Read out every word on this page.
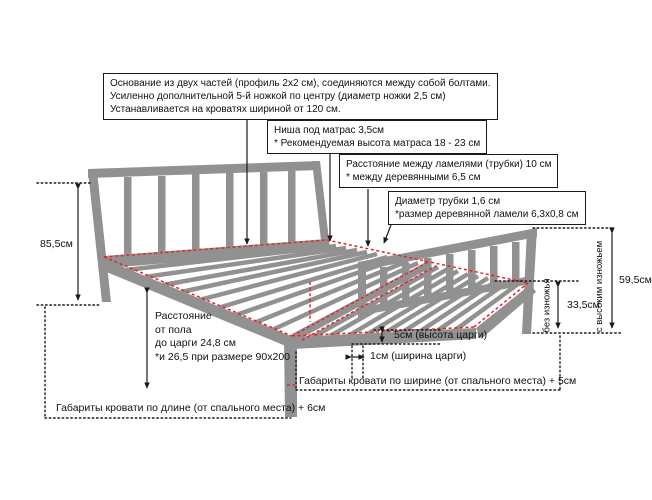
Основание из двух частей (профиль 2х2 см), соединяются между собой болтами.
Усиленно дополнительной 5-й ножкой по центру (диаметр ножки 2,5 см)
Устанавливается на кроватях шириной от 120 см.
Ниша под матрас 3,5см
* Рекомендуемая высота матраса 18 - 23 см
Расстояние между ламелями (трубки) 10 см
* между деревянными 6,5 см
Диаметр трубки 1,6 см
*размер деревянной ламели 6,3х0,8 см
85,5см
33,5см
без изножья	59,5см
с высоким изножьем
Расстояние
от пола
до царги 24,8 см
*и 26,5 при размере 90х200
5см (высота царги)
1см (ширина царги)
Габариты кровати по ширине (от спального места) + 5см
Габариты кровати по длине (от спального места) + 6см
